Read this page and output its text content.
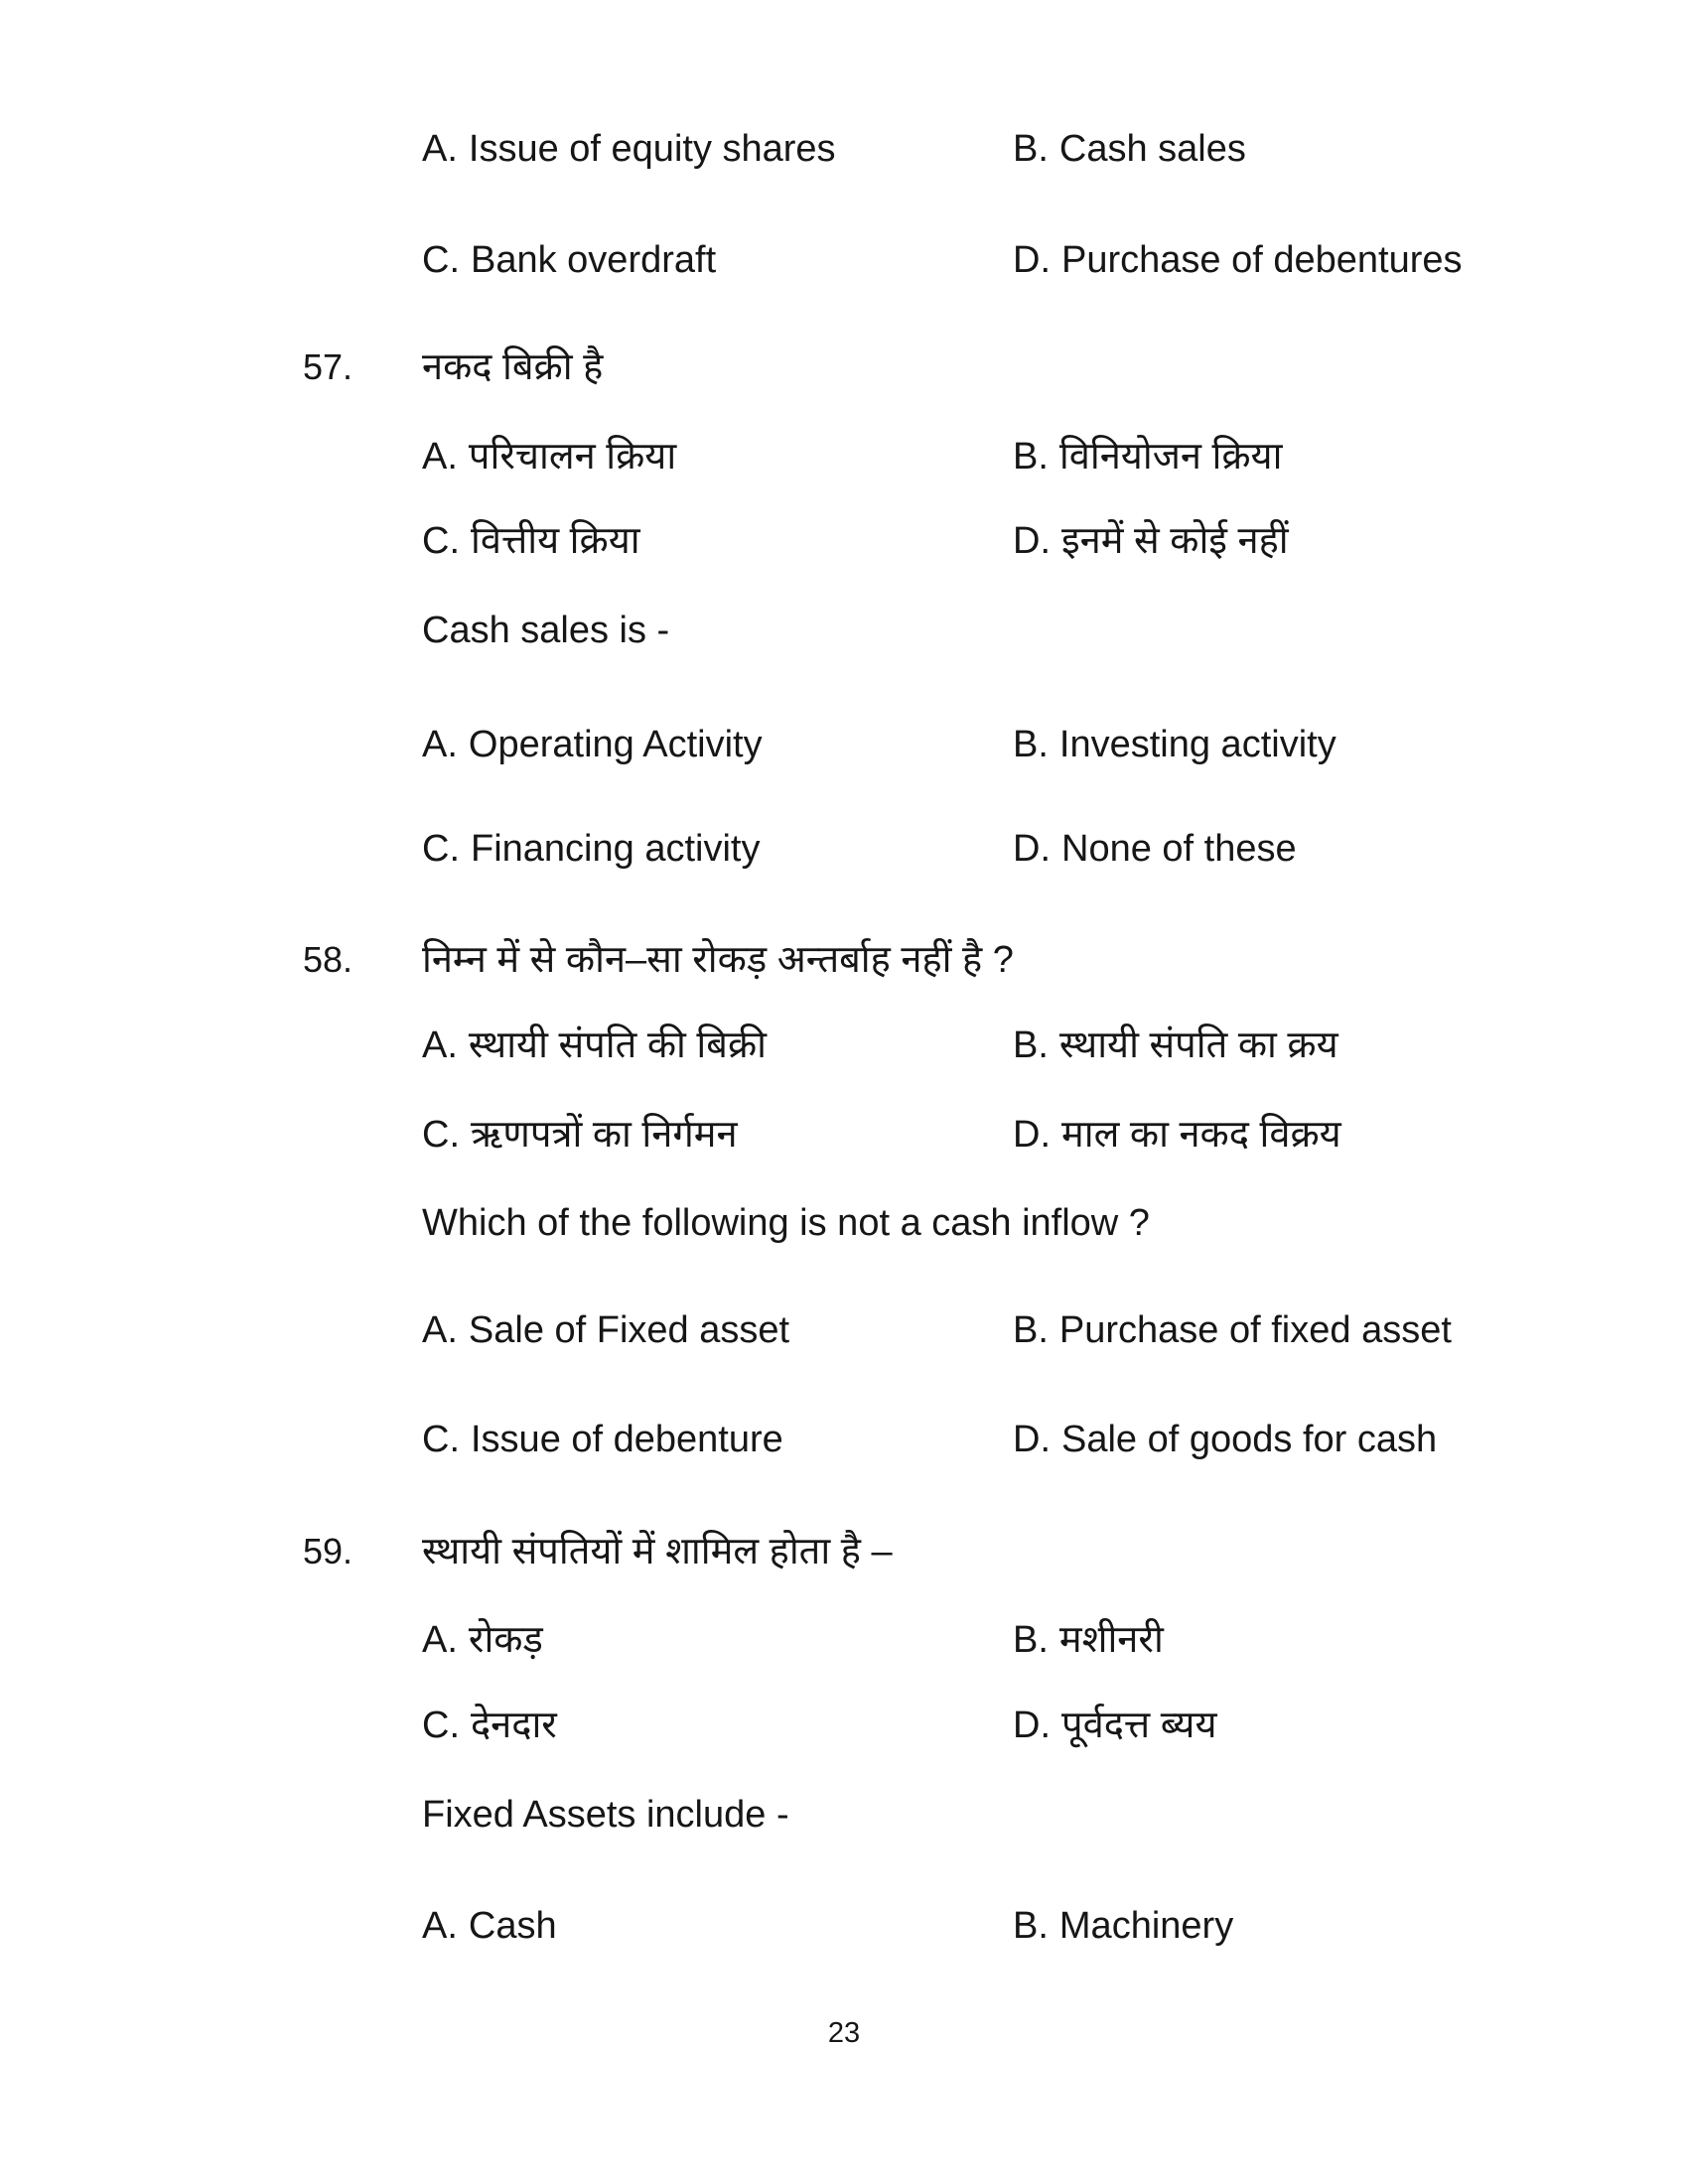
A. Issue of equity shares	B. Cash sales
C. Bank overdraft	D. Purchase of debentures
57. नकद बिक्री है
A. परिचालन क्रिया	B. विनियोजन क्रिया
C. वित्तीय क्रिया	D. इनमें से कोई नहीं
Cash sales is -
A. Operating Activity	B. Investing activity
C. Financing activity	D. None of these
58. निम्न में से कौन–सा रोकड़ अन्तर्बाह नहीं है ?
A. स्थायी संपति की बिक्री	B. स्थायी संपति का क्रय
C. ऋणपत्रों का निर्गमन	D. माल का नकद विक्रय
Which of the following is not a cash inflow ?
A. Sale of Fixed asset	B. Purchase of fixed asset
C. Issue of debenture	D. Sale of goods for cash
59. स्थायी संपतियों में शामिल होता है –
A. रोकड़	B. मशीनरी
C. देनदार	D. पूर्वदत्त ब्यय
Fixed Assets include -
A. Cash	B. Machinery
23
